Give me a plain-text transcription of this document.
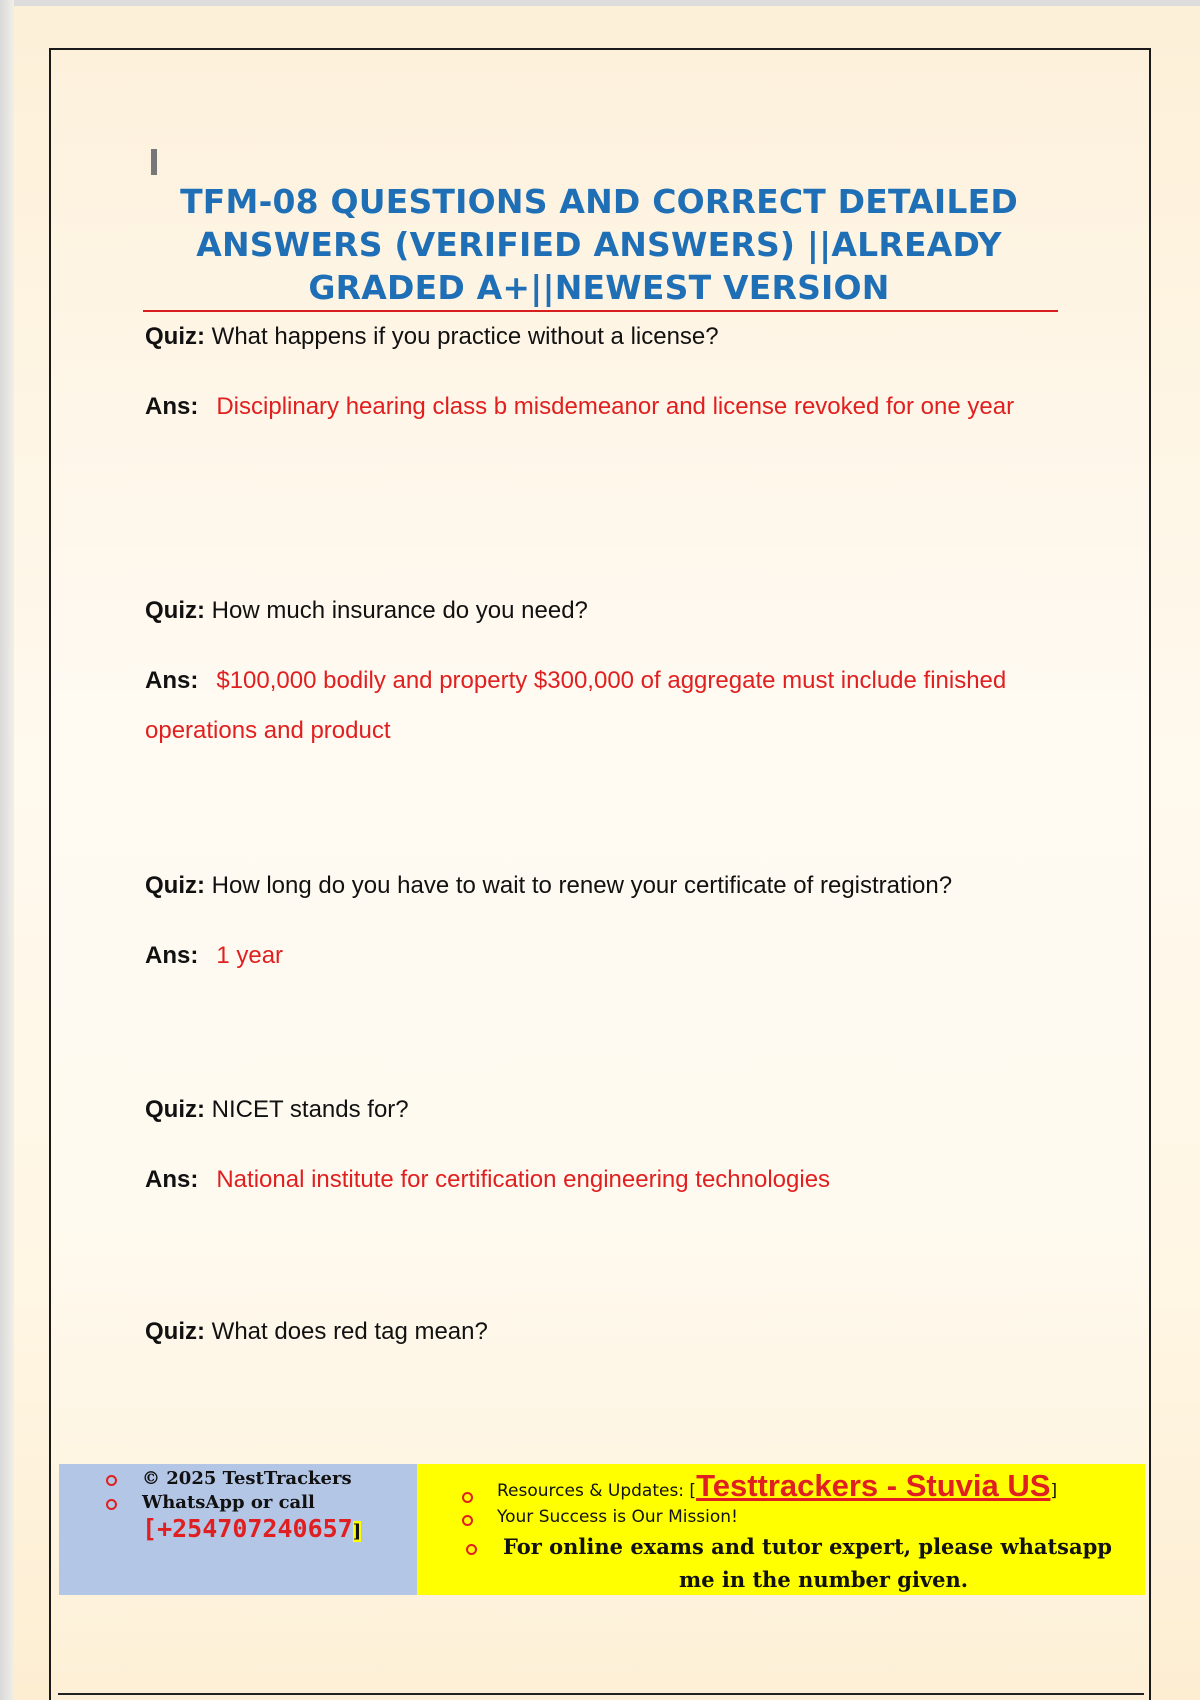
TFM-08 QUESTIONS AND CORRECT DETAILED ANSWERS (VERIFIED ANSWERS) ||ALREADY GRADED A+||NEWEST VERSION

Quiz: What happens if you practice without a license?

Ans: Disciplinary hearing class b misdemeanor and license revoked for one year

Quiz: How much insurance do you need?

Ans: $100,000 bodily and property $300,000 of aggregate must include finished operations and product

Quiz: How long do you have to wait to renew your certificate of registration?

Ans: 1 year

Quiz: NICET stands for?

Ans: National institute for certification engineering technologies

Quiz: What does red tag mean?

© 2025 TestTrackers
WhatsApp or call
[+254707240657]
Resources & Updates: [Testtrackers - Stuvia US]
Your Success is Our Mission!
For online exams and tutor expert, please whatsapp
me in the number given.
